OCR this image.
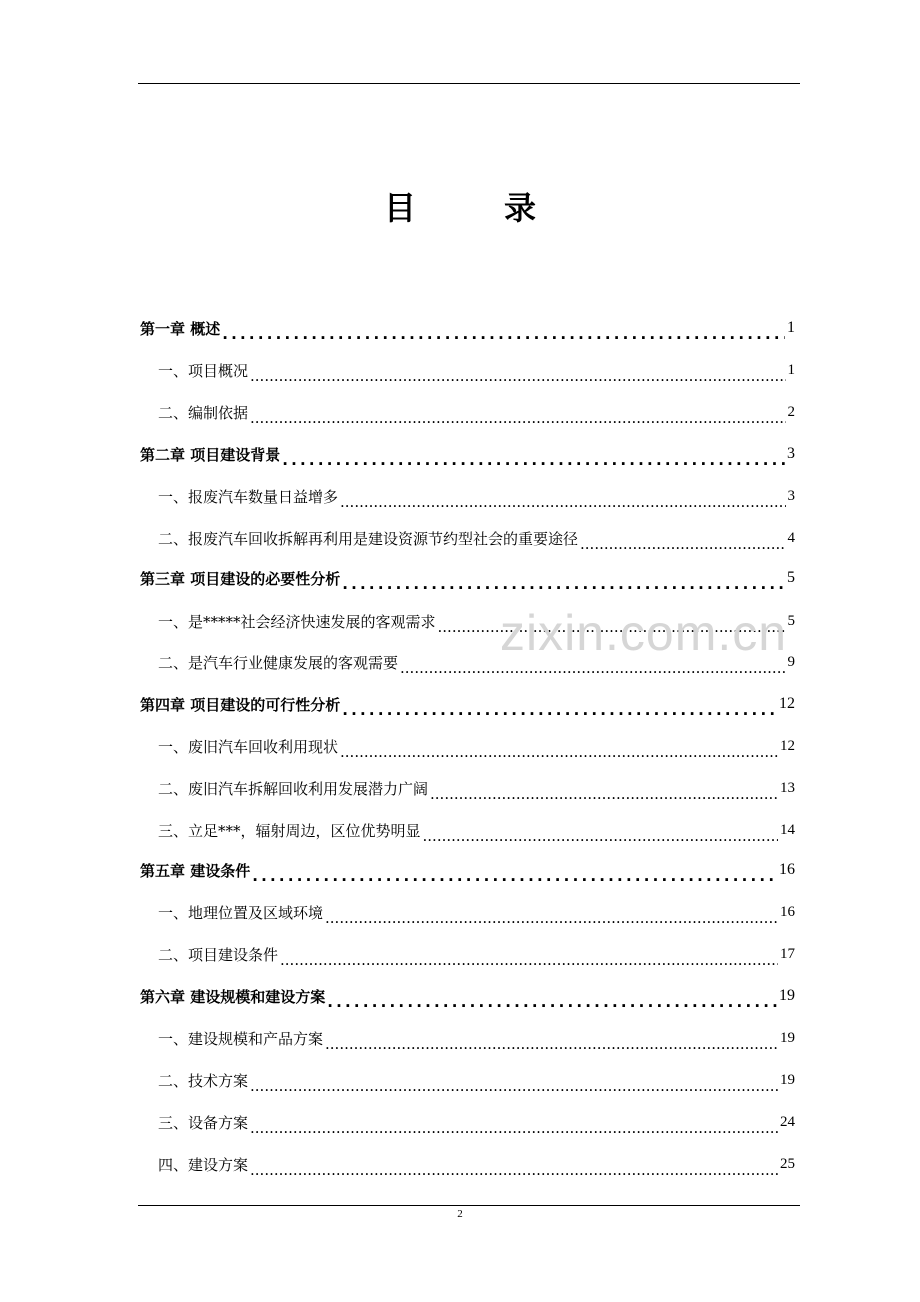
目	录
第一章 概述 .....	1
一、项目概况 .....	1
二、编制依据 .....	2
第二章 项目建设背景 .....	3
一、报废汽车数量日益增多 .....	3
二、报废汽车回收拆解再利用是建设资源节约型社会的重要途径 .....	4
第三章 项目建设的必要性分析 .....	5
一、是*****社会经济快速发展的客观需求 .....	5
二、是汽车行业健康发展的客观需要 .....	9
第四章 项目建设的可行性分析 .....	12
一、废旧汽车回收利用现状 .....	12
二、废旧汽车拆解回收利用发展潜力广阔 .....	13
三、立足***，辐射周边，区位优势明显 .....	14
第五章 建设条件 .....	16
一、地理位置及区域环境 .....	16
二、项目建设条件 .....	17
第六章 建设规模和建设方案 .....	19
一、建设规模和产品方案 .....	19
二、技术方案 .....	19
三、设备方案 .....	24
四、建设方案 .....	25
zixin.com.cn
2
